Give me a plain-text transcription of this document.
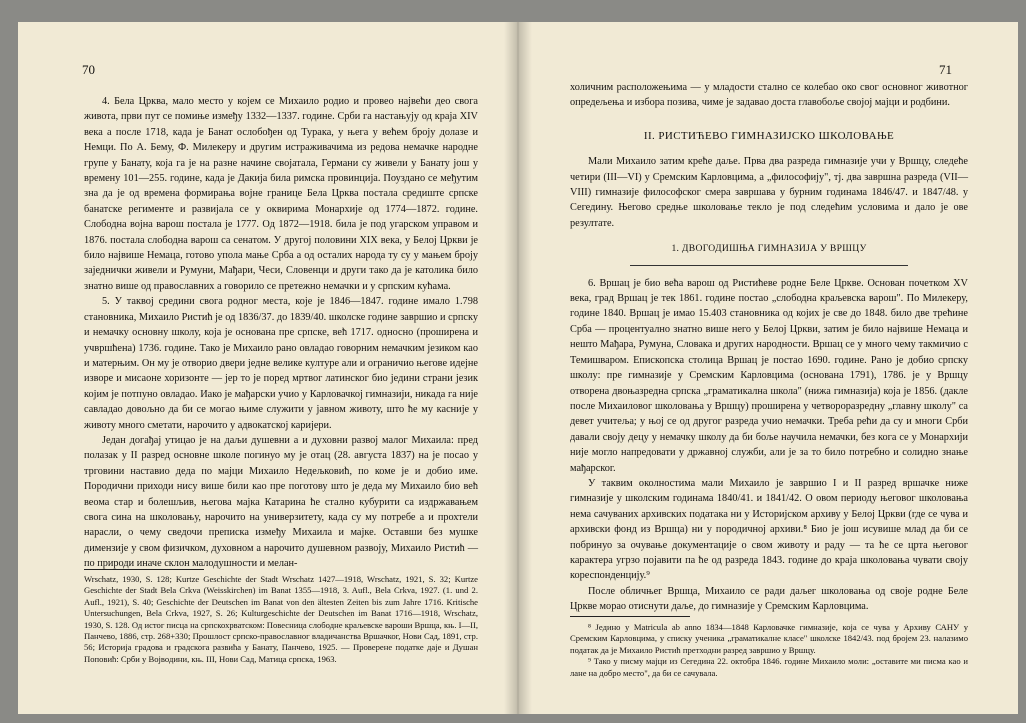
70

4. Бела Црква, мало место у којем се Михаило родио и провео највећи део свога живота, први пут се помиње између 1332—1337. године. Срби га настањују од краја XIV века а после 1718, када је Банат ослобођен од Турака, у њега у већем броју долазе и Немци. По А. Бему, Ф. Милекеру и другим истраживачима из редова немачке народне групе у Банату, која га је на разне начине својатала, Германи су живели у Банату још у времену 101—255. године, када је Дакија била римска провинција. Поуздано се међутим зна да је од времена формирања војне границе Бела Црква постала средиште српске банатске регименте и развијала се у оквирима Монархије од 1774—1872. године. Слободна војна варош постала је 1777. Од 1872—1918. била је под угарском управом и 1876. постала слободна варош са сенатом. У другој половини XIX века, у Белој Цркви је било највише Немаца, готово упола мање Срба а од осталих народа ту су у мањем броју заједнички живели и Румуни, Мађари, Чеси, Словенци и други тако да је католика било знатно више од православних а говорило се претежно немачки и у српским кућама.

5. У таквој средини свога родног места, које је 1846—1847. године имало 1.798 становника, Михаило Ристић је од 1836/37. до 1839/40. школске године завршио и српску и немачку основну школу, која је основана пре српске, већ 1717. односно (проширена и учвршћена) 1736. године. Тако је Михаило рано овладао говорним немачким језиком као и матерњим. Он му је отворио двери једне велике културе али и ограничио његове идејне изворе и мисаоне хоризонте — јер то је поред мртвог латинског био једини страни језик којим је потпуно овладао. Иако је мађарски учио у Карловачкој гимназији, никада га није савладао довољно да би се могао њиме служити у јавном животу, што ће му касније у животу много сметати, нарочито у адвокатској каријери.

Један догађај утицао је на даљи душевни а и духовни развој малог Михаила: пред полазак у II разред основне школе погинуо му је отац (28. августа 1837) на је посао у трговини наставио деда по мајци Михаило Недељковић, по коме је и добио име. Породични приходи нису више били као пре поготову што је деда му Михаило био већ веома стар и болешљив, његова мајка Катарина ће стално кубурити са издржавањем свога сина на школовању, нарочито на универзитету, када су му потребе а и прохтели нарасли, о чему сведочи преписка између Михаила и мајке. Оставши без мушке димензије у свом физичком, духовном а нарочито душевном развоју, Михаило Ристић — по природи иначе склон малодушности и мелан-

Wrschatz, 1930, S. 128; Kurtze Geschichte der Stadt Wrschatz 1427—1918, Wrschatz, 1921, S. 32; Kurtze Geschichte der Stadt Bela Crkva (Weisskirchen) im Banat 1355—1918, 3. Aufl., Bela Crkva, 1927. (1. und 2. Aufl., 1921), S. 40; Geschichte der Deutschen im Banat von den ältesten Zeiten bis zum Jahre 1716. Kritische Untersuchungen, Bela Crkva, 1927, S. 26; Kulturgeschichte der Deutschen im Banat 1716—1918, Wrschatz, 1930, S. 128. Од истог писца на српскохрватском: Повесница слободне краљевске вароши Вршца, књ. I—II, Панчево, 1886, стр. 268+330; Прошлост српско-православног владичанства Вршачког, Нови Сад, 1891, стр. 56; Историја градова и градскога развића у Банату, Панчево, 1925. — Проверене податке даје и Душан Поповић: Срби у Војводини, књ. III, Нови Сад, Матица српска, 1963.

71

холичним расположењима — у младости стално се колебао око свог основног животног опредељења и избора позива, чиме је задавао доста главобоље својој мајци и родбини.

II. РИСТИЋЕВО ГИМНАЗИЈСКО ШКОЛОВАЊЕ

Мали Михаило затим креће даље. Прва два разреда гимназије учи у Вршцу, следеће четири (III—VI) у Сремским Карловцима, а „философију", тј. два завршна разреда (VII—VIII) гимназије философског смера завршава у бурним годинама 1846/47. и 1847/48. у Сегедину. Његово средње школовање текло је под следећим условима и дало је ове резултате.

1. ДВОГОДИШЊА ГИМНАЗИЈА У ВРШЦУ

6. Вршац је био већа варош од Ристићеве родне Беле Цркве. Основан почетком XV века, град Вршац је тек 1861. године постао „слободна краљевска варош". По Милекеру, године 1840. Вршац је имао 15.403 становника од којих је све до 1848. било две трећине Срба — процентуално знатно више него у Белој Цркви, затим је било највише Немаца и нешто Мађара, Румуна, Словака и других народности. Вршац се у много чему такмичио с Темишваром. Епископска столица Вршац је постао 1690. године. Рано је добио српску школу: пре гимназије у Сремским Карловцима (основана 1791), 1786. је у Вршцу отворена двоњазредна српска „граматикална школа" (нижа гимназија) која је 1856. (дакле после Михаиловог школовања у Вршцу) проширена у четвороразредну „главну школу" са девет учитеља; у њој се од другог разреда учио немачки. Треба рећи да су и многи Срби давали своју децу у немачку школу да би боље научила немачки, без кога се у Монархији није могло напредовати у државној служби, али је за то било потребно и солидно знање мађарског.

У таквим околностима мали Михаило је завршио I и II разред вршачке ниже гимназије у школским годинама 1840/41. и 1841/42. О овом периоду његовог школовања нема сачуваних архивских података ни у Историјском архиву у Белој Цркви (где се чува и архивски фонд из Вршца) ни у породичној архиви.⁸ Био је још исувише млад да би се побринуо за очување документације о свом животу и раду — та ће се црта његовог карактера угрзо појавити па ће од разреда 1843. године до краја школовања чувати своју кореспонденцију.⁹

После обличњег Вршца, Михаило се ради даљег школовања од своје родне Беле Цркве морао отиснути даље, до гимназије у Сремским Карловцима.

⁸ Једино у Matricula ab anno 1834—1848 Карловачке гимназије, која се чува у Архиву САНУ у Сремским Карловцима, у списку ученика „граматикалне класе" школске 1842/43. под бројем 23. налазимо податак да је Михаило Ристић претходни разред завршио у Вршцу.

⁹ Тако у писму мајци из Сегедина 22. октобра 1846. године Михаило моли: „оставите ми писма као и ланe на добро место", да би се сачувала.
